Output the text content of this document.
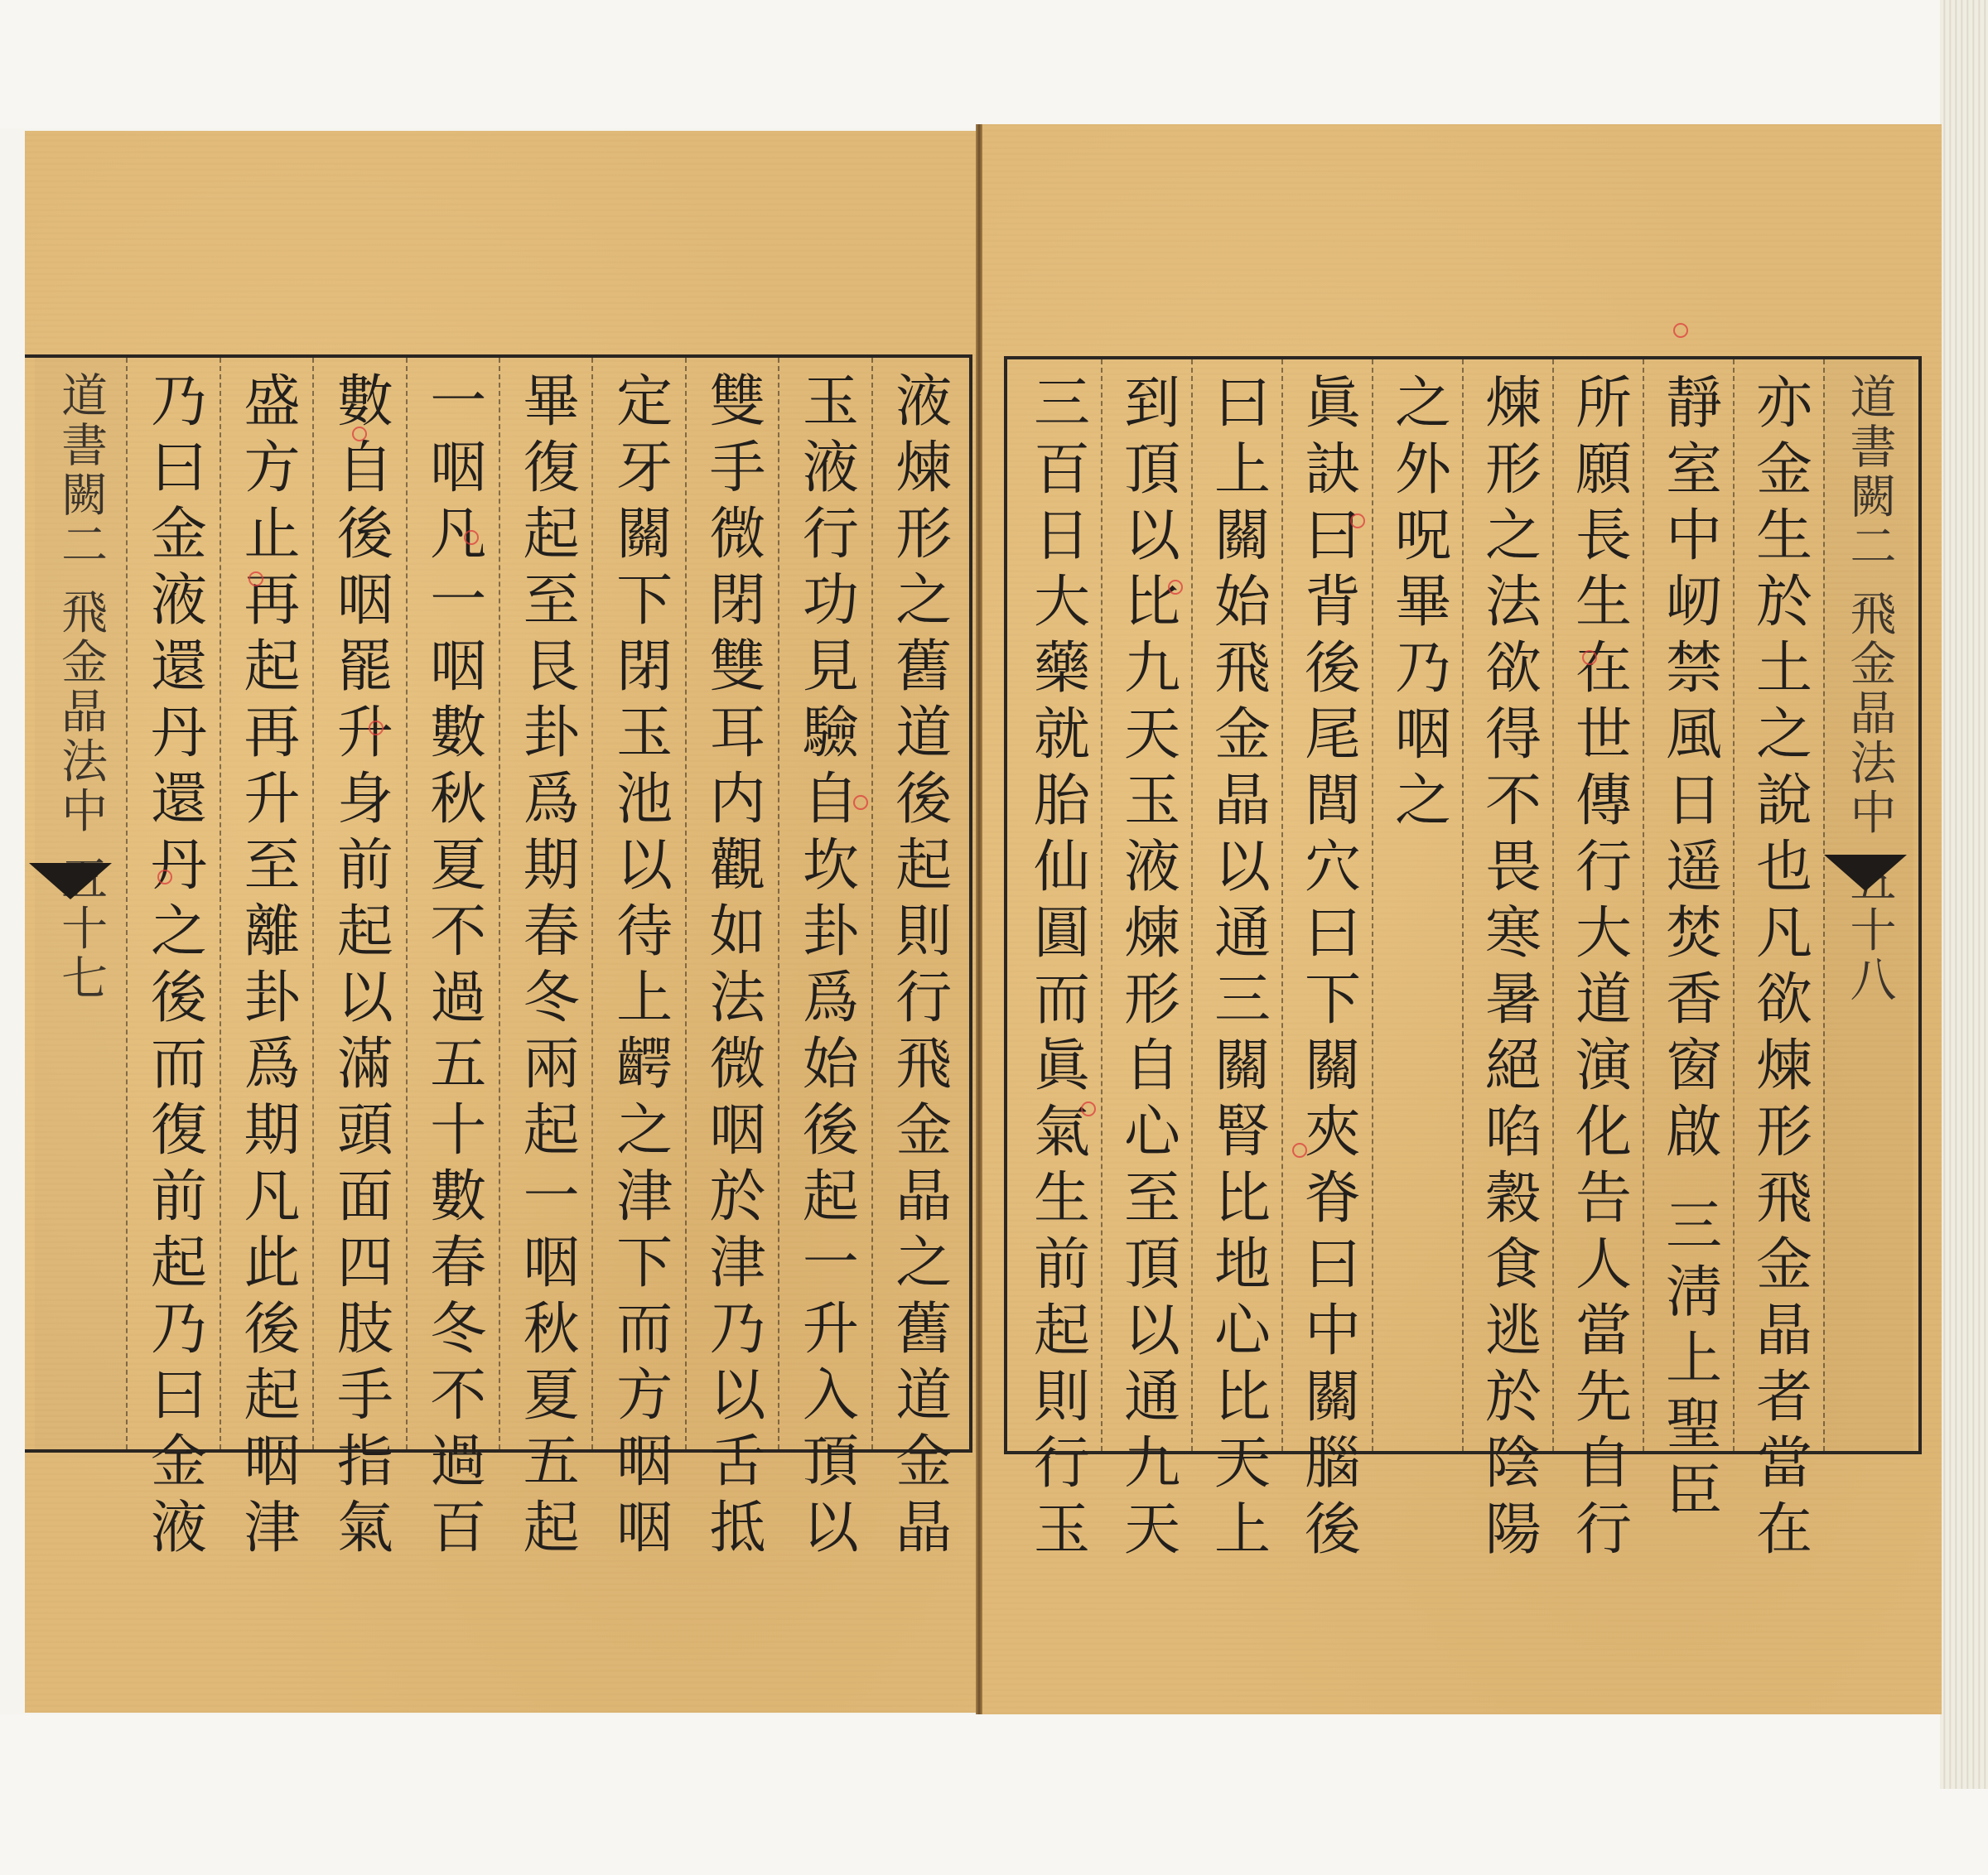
液煉形之舊道後起則行飛金晶之舊道金晶
玉液行功見驗自坎卦爲始後起一升入頂以
雙手微閉雙耳内觀如法微咽於津乃以舌抵
定牙關下閉玉池以待上齶之津下而方咽咽
畢復起至艮卦爲期春冬兩起一咽秋夏五起
一咽凡一咽數秋夏不過五十數春冬不過百
數自後咽罷升身前起以滿頭面四肢手指氣
盛方止再起再升至離卦爲期凡此後起咽津
乃曰金液還丹還丹之後而復前起乃曰金液
道書闕二 飛金晶法中 五十七	道書闕二 飛金晶法中 五十八
亦金生於土之說也凡欲煉形飛金晶者當在
靜室中屻禁風日遥焚香窗啟 三淸上聖臣
所願長生在世傳行大道演化告人當先自行
煉形之法欲得不畏寒暑絕啗穀食逃於陰陽
之外呪畢乃咽之
眞訣曰背後尾閭穴曰下關夾脊曰中關腦後
曰上關始飛金晶以通三關腎比地心比天上
到頂以比九天玉液煉形自心至頂以通九天
三百日大藥就胎仙圓而眞氣生前起則行玉
